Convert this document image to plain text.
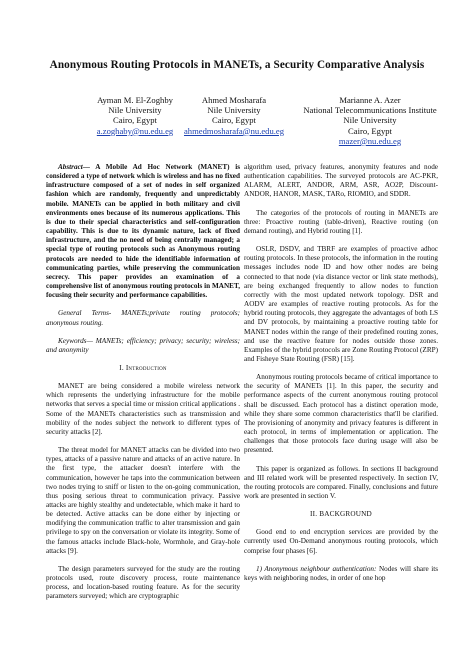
Anonymous Routing Protocols in MANETs, a Security Comparative Analysis
Ayman M. El-Zoghby
Nile University
Cairo, Egypt
a.zoghaby@nu.edu.eg
Ahmed Mosharafa
Nile University
Cairo, Egypt
ahmedmosharafa@nu.edu.eg
Marianne A. Azer
National Telecommunications Institute
Nile University
Cairo, Egypt
mazer@nu.edu.eg

Abstract— A Mobile Ad Hoc Network (MANET) is considered a type of network which is wireless and has no fixed infrastructure composed of a set of nodes in self organized fashion which are randomly, frequently and unpredictably mobile. MANETs can be applied in both military and civil environments ones because of its numerous applications. This is due to their special characteristics and self-configuration capability. This is due to its dynamic nature, lack of fixed infrastructure, and the no need of being centrally managed; a special type of routing protocols such as Anonymous routing protocols are needed to hide the identifiable information of communicating parties, while preserving the communication secrecy. This paper provides an examination of a comprehensive list of anonymous routing protocols in MANET, focusing their security and performance capabilities.

General Terms- MANETs;private routing protocols; anonymous routing.

Keywords— MANETs; efficiency; privacy; security; wireless; and anonymity

I. Introduction

MANET are being considered a mobile wireless network which represents the underlying infrastructure for the mobile networks that serves a special time or mission critical applications . Some of the MANETs characteristics such as transmission and mobility of the nodes subject the network to different types of security attacks [2].

The threat model for MANET attacks can be divided into two types, attacks of a passive nature and attacks of an active nature. In the first type, the attacker doesn't interfere with the communication, however he taps into the communication between two nodes trying to sniff or listen to the on-going communication, thus posing serious threat to communication privacy. Passive attacks are highly stealthy and undetectable, which make it hard to be detected. Active attacks can be done either by injecting or modifying the communication traffic to alter transmission and gain privilege to spy on the conversation or violate its integrity. Some of the famous attacks include Black-hole, Wormhole, and Gray-hole attacks [9].

The design parameters surveyed for the study are the routing protocols used, route discovery process, route maintenance process, and location-based routing feature. As for the security parameters surveyed; which are cryptographic

algorithm used, privacy features, anonymity features and node authentication capabilities. The surveyed protocols are AC-PKR, ALARM, ALERT, ANDOR, ARM, ASR, AO2P, Discount-ANDOR, HANOR, MASK, TARo, RIOMIO, and SDDR.

The categories of the protocols of routing in MANETs are three: Proactive routing (table-driven), Reactive routing (on demand routing), and Hybrid routing [1].

OSLR, DSDV, and TBRF are examples of proactive adhoc routing protocols. In these protocols, the information in the routing messages includes node ID and how other nodes are being connected to that node (via distance vector or link state methods), are being exchanged frequently to allow nodes to function correctly with the most updated network topology. DSR and AODV are examples of reactive routing protocols. As for the hybrid routing protocols, they aggregate the advantages of both LS and DV protocols, by maintaining a proactive routing table for MANET nodes within the range of their predefined routing zones, and use the reactive feature for nodes outside those zones. Examples of the hybrid protocols are Zone Routing Protocol (ZRP) and Fisheye State Routing (FSR) [15].

Anonymous routing protocols became of critical importance to the security of MANETs [1]. In this paper, the security and performance aspects of the current anonymous routing protocol shall be discussed. Each protocol has a distinct operation mode, while they share some common characteristics that'll be clarified. The provisioning of anonymity and privacy features is different in each protocol, in terms of implementation or application. The challenges that those protocols face during usage will also be presented.

This paper is organized as follows. In sections II background and III related work will be presented respectively. In section IV, the routing protocols are compared. Finally, conclusions and future work are presented in section V.

II. BACKGROUND

Good end to end encryption services are provided by the currently used On-Demand anonymous routing protocols, which comprise four phases [6].

1) Anonymous neighbour authentication: Nodes will share its keys with neighboring nodes, in order of one hop
